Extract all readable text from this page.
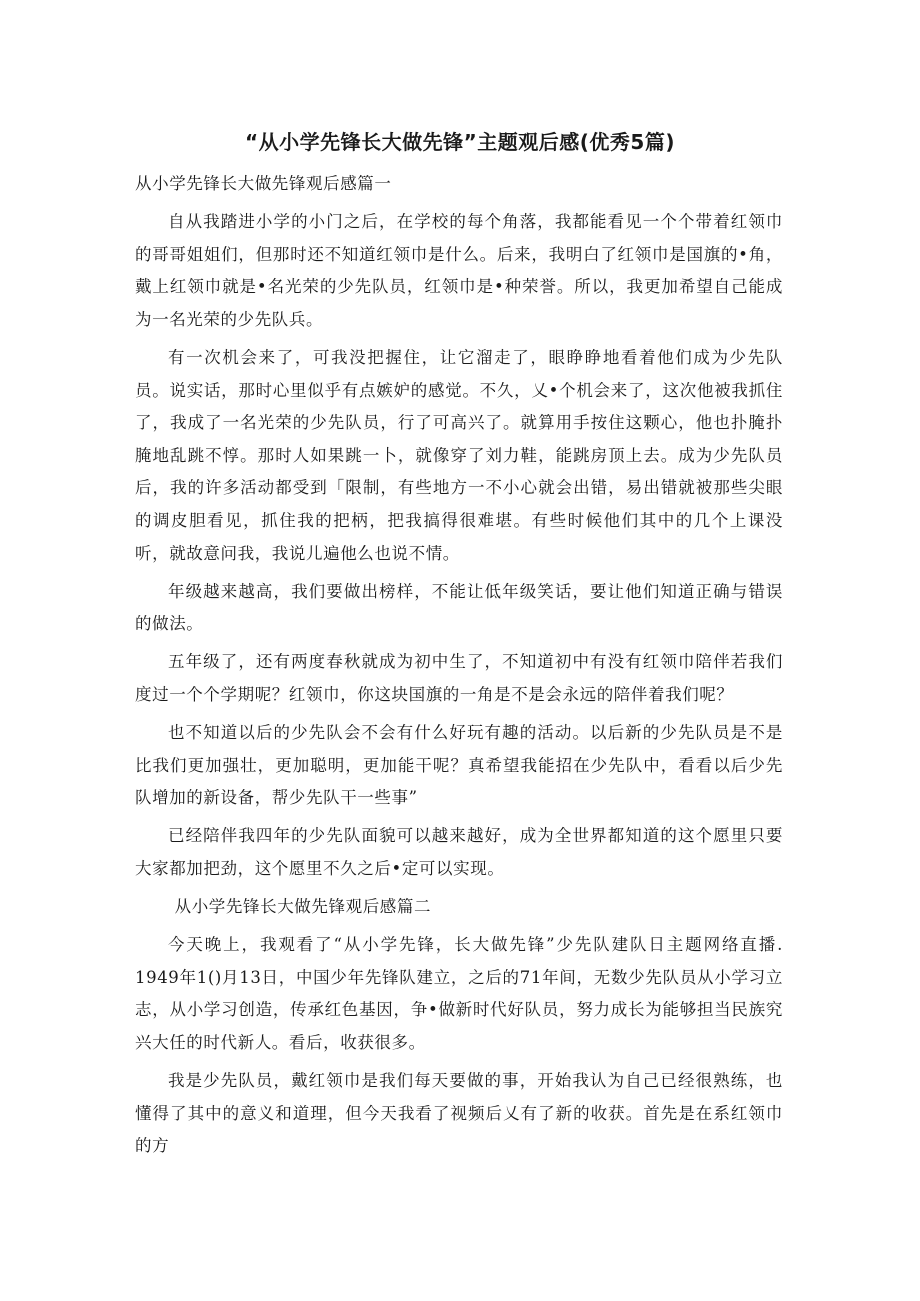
“从小学先锋长大做先锋”主题观后感(优秀5篇)

从小学先锋长大做先锋观后感篇一

自从我踏进小学的小门之后，在学校的每个角落，我都能看见一个个带着红领巾的哥哥姐姐们，但那时还不知道红领巾是什么。后来，我明白了红领巾是国旗的•角，戴上红领巾就是•名光荣的少先队员，红领巾是•种荣誉。所以，我更加希望自己能成为一名光荣的少先队兵。

有一次机会来了，可我没把握住，让它溜走了，眼睁睁地看着他们成为少先队员。说实话，那时心里似乎有点嫉妒的感觉。不久，乂•个机会来了，这次他被我抓住了，我成了一名光荣的少先队员，行了可高兴了。就算用手按住这颗心，他也扑腌扑腌地乱跳不惇。那时人如果跳一卜，就像穿了刘力鞋，能跳房顶上去。成为少先队员后，我的许多活动都受到「限制，有些地方一不小心就会出错，易出错就被那些尖眼的调皮胆看见，抓住我的把柄，把我搞得很难堪。有些时候他们其中的几个上课没听，就故意问我，我说儿遍他么也说不情。

年级越来越高，我们要做出榜样，不能让低年级笑话，要让他们知道正确与错误的做法。

五年级了，还有两度春秋就成为初中生了，不知道初中有没有红领巾陪伴若我们度过一个个学期呢？红领巾，你这块国旗的一角是不是会永远的陪伴着我们呢？

也不知道以后的少先队会不会有什么好玩有趣的活动。以后新的少先队员是不是比我们更加强壮，更加聪明，更加能干呢？真希望我能招在少先队中，看看以后少先队增加的新设备，帮少先队干一些事”

已经陪伴我四年的少先队面貌可以越来越好，成为全世界都知道的这个愿里只要大家都加把劲，这个愿里不久之后•定可以实现。

从小学先锋长大做先锋观后感篇二

今天晚上，我观看了“从小学先锋，长大做先锋”少先队建队日主题网络直播. 1949年1()月13日，中国少年先锋队建立，之后的71年间，无数少先队员从小学习立志，从小学习创造，传承红色基因，争•做新时代好队员，努力成长为能够担当民族究兴大任的时代新人。看后，收获很多。

我是少先队员，戴红领巾是我们每天要做的事，开始我认为自己已经很熟练，也懂得了其中的意义和道理，但今天我看了视频后乂有了新的收获。首先是在系红领巾的方
